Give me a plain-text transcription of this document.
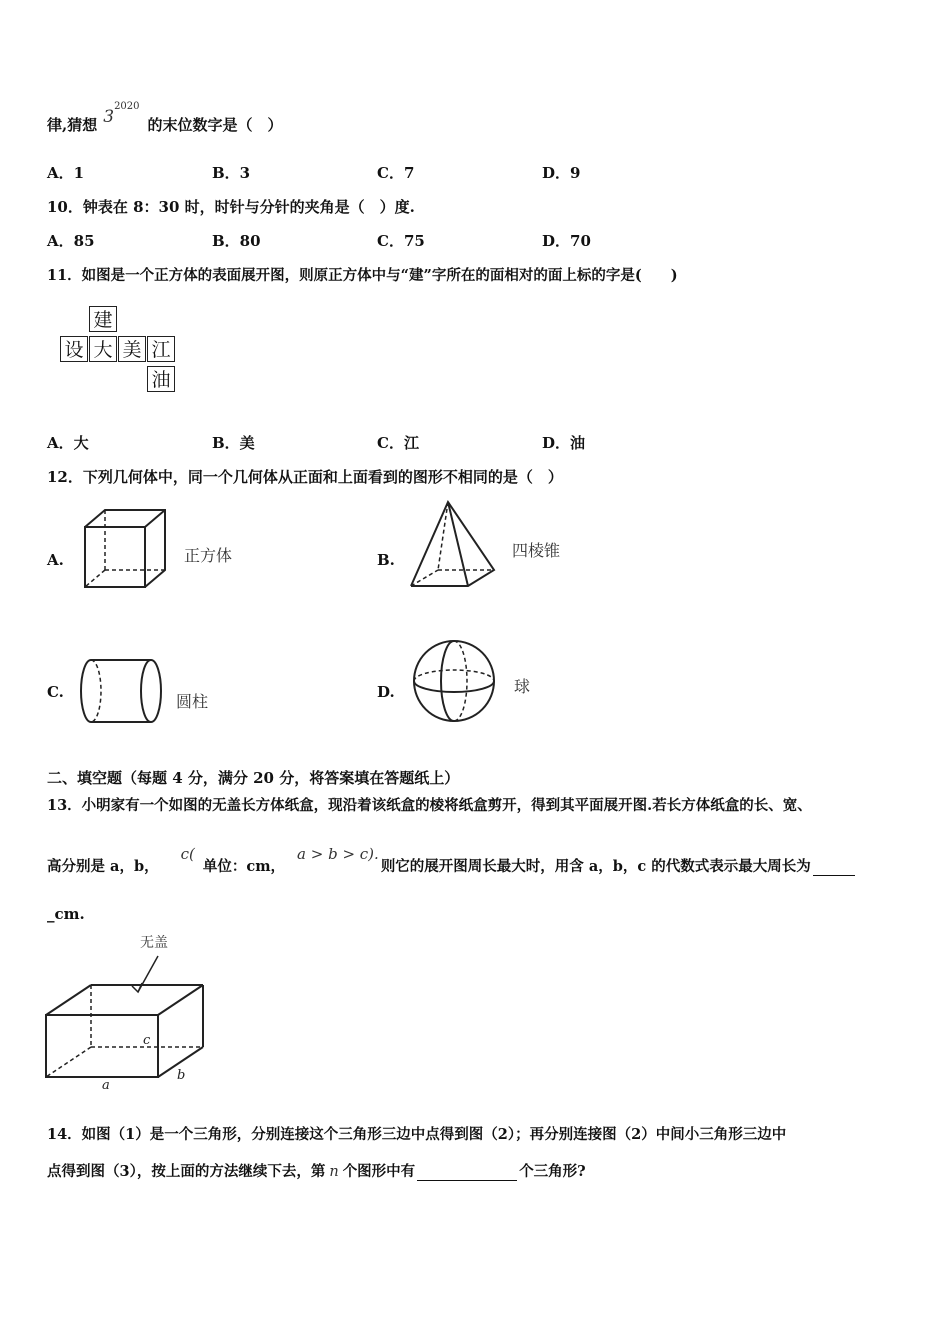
律,猜想 $3^{2020}$的末位数字是（　）
A．1	B．3	C．7	D．9
10．钟表在 8：30 时，时针与分针的夹角是（　）度.
A．85	B．80	C．75	D．70
11．如图是一个正方体的表面展开图，则原正方体中与“建”字所在的面相对的面上标的字是(　　)
建
设 大 美 江
油
A．大	B．美	C．江	D．油
12．下列几何体中，同一个几何体从正面和上面看到的图形不相同的是（　）
A.	正方体	B.	四棱锥
C.	圆柱	D.	球
二、填空题（每题 4 分，满分 20 分，将答案填在答题纸上）
13．小明家有一个如图的无盖长方体纸盒，现沿着该纸盒的棱将纸盒剪开，得到其平面展开图.若长方体纸盒的长、宽、
高分别是 a，b，c(单位：cm，a > b > c).则它的展开图周长最大时，用含 a，b，c 的代数式表示最大周长为
_cm.
无盖
c
a
b
14．如图（1）是一个三角形，分别连接这个三角形三边中点得到图（2）；再分别连接图（2）中间小三角形三边中
点得到图（3），按上面的方法继续下去，第 n 个图形中有	个三角形?
